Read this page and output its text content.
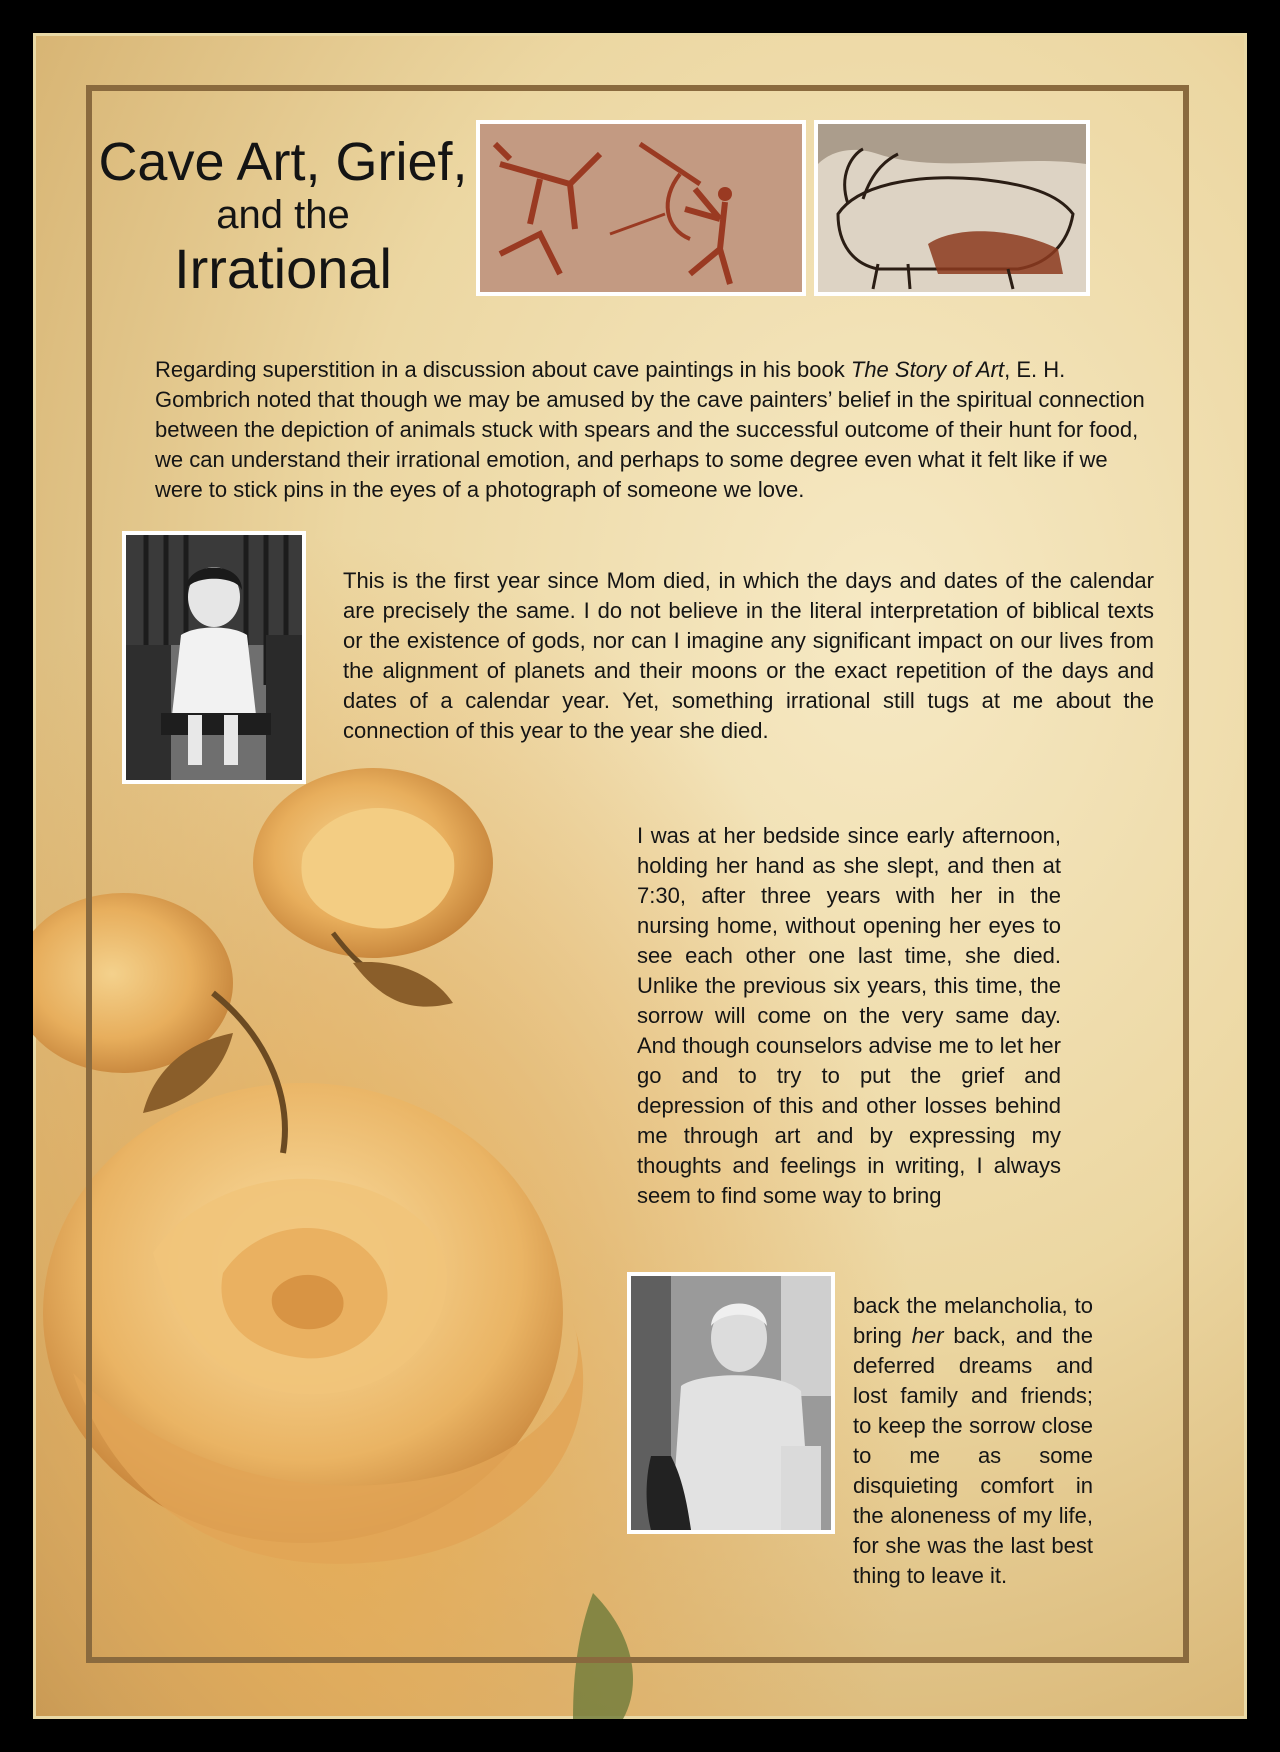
Cave Art, Grief,
and the
Irrational

Regarding superstition in a discussion about cave paintings in his book The Story of Art, E. H. Gombrich noted that though we may be amused by the cave painters’ belief in the spiritual connection between the depiction of animals stuck with spears and the successful outcome of their hunt for food, we can understand their irrational emotion, and perhaps to some degree even what it felt like if we were to stick pins in the eyes of a photograph of someone we love.

This is the first year since Mom died, in which the days and dates of the calendar are precisely the same. I do not believe in the literal interpretation of biblical texts or the existence of gods, nor can I imagine any significant impact on our lives from the alignment of planets and their moons or the exact repetition of the days and dates of a calendar year. Yet, something irrational still tugs at me about the connection of this year to the year she died.

I was at her bedside since early afternoon, holding her hand as she slept, and then at 7:30, after three years with her in the nursing home, without opening her eyes to see each other one last time, she died. Unlike the previous six years, this time, the sorrow will come on the very same day. And though counselors advise me to let her go and to try to put the grief and depression of this and other losses behind me through art and by expressing my thoughts and feelings in writing, I always seem to find some way to bring

back the melancholia, to bring her back, and the deferred dreams and lost family and friends; to keep the sorrow close to me as some disquieting comfort in the aloneness of my life, for she was the last best thing to leave it.
